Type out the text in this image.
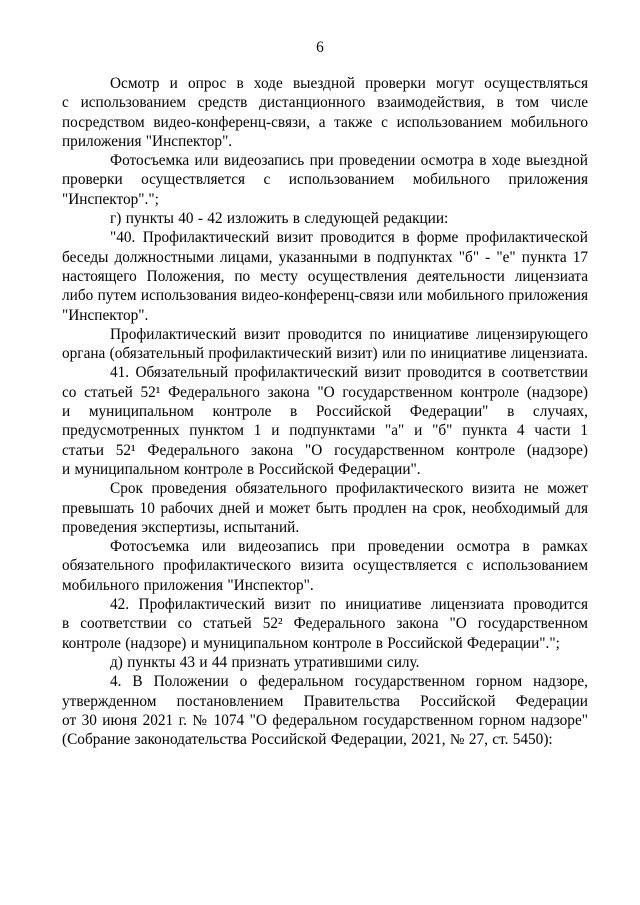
6

Осмотр и опрос в ходе выездной проверки могут осуществляться с использованием средств дистанционного взаимодействия, в том числе посредством видео-конференц-связи, а также с использованием мобильного приложения "Инспектор".

Фотосъемка или видеозапись при проведении осмотра в ходе выездной проверки осуществляется с использованием мобильного приложения "Инспектор".";

г) пункты 40 - 42 изложить в следующей редакции:

"40. Профилактический визит проводится в форме профилактической беседы должностными лицами, указанными в подпунктах "б" - "е" пункта 17 настоящего Положения, по месту осуществления деятельности лицензиата либо путем использования видео-конференц-связи или мобильного приложения "Инспектор".

Профилактический визит проводится по инициативе лицензирующего органа (обязательный профилактический визит) или по инициативе лицензиата.

41. Обязательный профилактический визит проводится в соответствии со статьей 52¹ Федерального закона "О государственном контроле (надзоре) и муниципальном контроле в Российской Федерации" в случаях, предусмотренных пунктом 1 и подпунктами "а" и "б" пункта 4 части 1 статьи 52¹ Федерального закона "О государственном контроле (надзоре) и муниципальном контроле в Российской Федерации".

Срок проведения обязательного профилактического визита не может превышать 10 рабочих дней и может быть продлен на срок, необходимый для проведения экспертизы, испытаний.

Фотосъемка или видеозапись при проведении осмотра в рамках обязательного профилактического визита осуществляется с использованием мобильного приложения "Инспектор".

42. Профилактический визит по инициативе лицензиата проводится в соответствии со статьей 52² Федерального закона "О государственном контроле (надзоре) и муниципальном контроле в Российской Федерации".";

д) пункты 43 и 44 признать утратившими силу.

4. В Положении о федеральном государственном горном надзоре, утвержденном постановлением Правительства Российской Федерации от 30 июня 2021 г. № 1074 "О федеральном государственном горном надзоре" (Собрание законодательства Российской Федерации, 2021, № 27, ст. 5450):
